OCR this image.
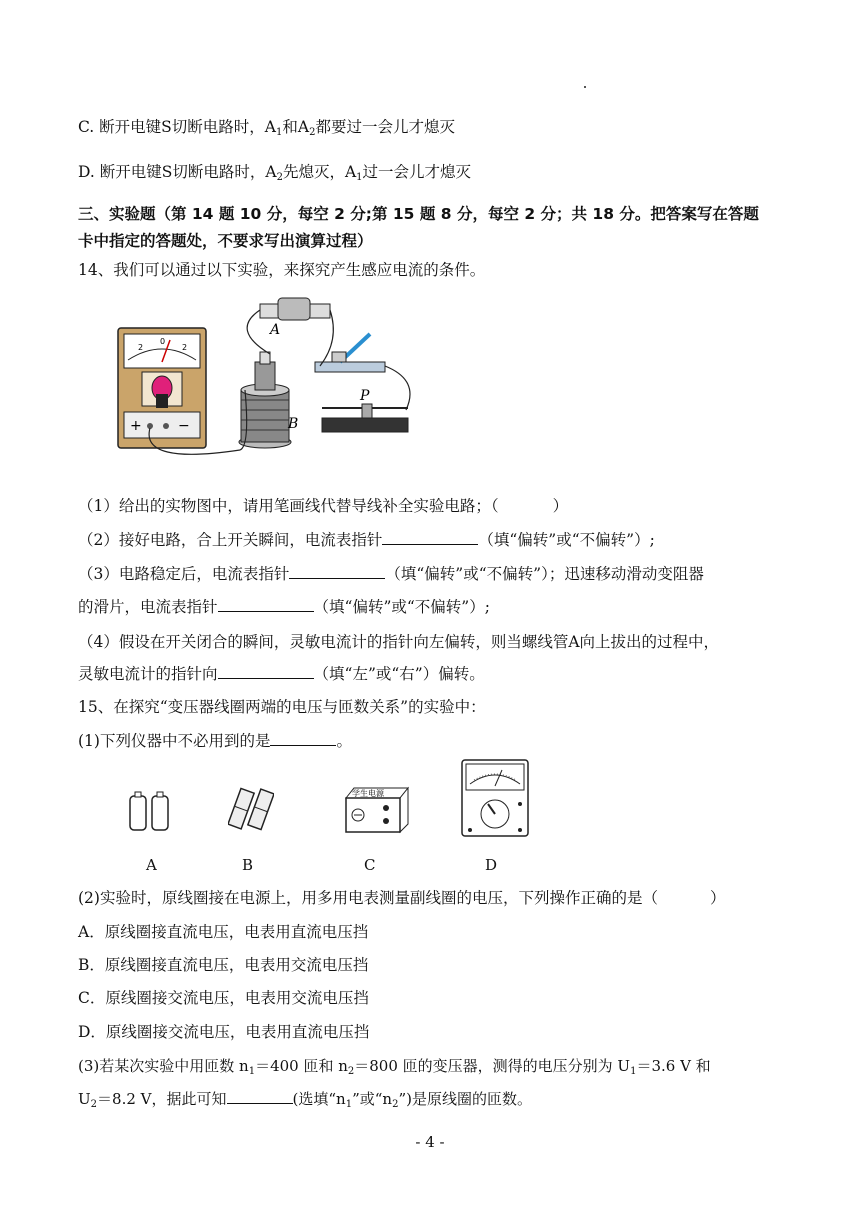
C. 断开电键S切断电路时，$A_1$和$A_2$都要过一会儿才熄灭
D. 断开电键S切断电路时，$A_2$先熄灭，$A_1$过一会儿才熄灭
三、实验题（第 14 题 10 分，每空 2 分;第 15 题 8 分，每空 2 分；共 18 分。把答案写在答题
卡中指定的答题处，不要求写出演算过程）
14、我们可以通过以下实验，来探究产生感应电流的条件。
2
0
2
+	−	B
A
P
（1）给出的实物图中，请用笔画线代替导线补全实验电路；（	）
（2）接好电路，合上开关瞬间，电流表指针	（填“偏转”或“不偏转”）;
（3）电路稳定后，电流表指针	（填“偏转”或“不偏转”）；迅速移动滑动变阻器
的滑片，电流表指针	（填“偏转”或“不偏转”）;
（4）假设在开关闭合的瞬间，灵敏电流计的指针向左偏转，则当螺线管A向上拔出的过程中，
灵敏电流计的指针向	（填“左”或“右”）偏转。
15、在探究“变压器线圈两端的电压与匝数关系”的实验中：
(1)下列仪器中不必用到的是	。
学生电源
A	B	C	D
(2)实验时，原线圈接在电源上，用多用电表测量副线圈的电压，下列操作正确的是（	）
A．原线圈接直流电压，电表用直流电压挡
B．原线圈接直流电压，电表用交流电压挡
C．原线圈接交流电压，电表用交流电压挡
D．原线圈接交流电压，电表用直流电压挡
(3)若某次实验中用匝数 $n_1=400$ 匝和 $n_2=800$ 匝的变压器，测得的电压分别为 $U_1=3.6$ V 和
$U_2=8.2$ V，据此可知	(选填“$n_1$”或“$n_2$”)是原线圈的匝数。
- 4 -
